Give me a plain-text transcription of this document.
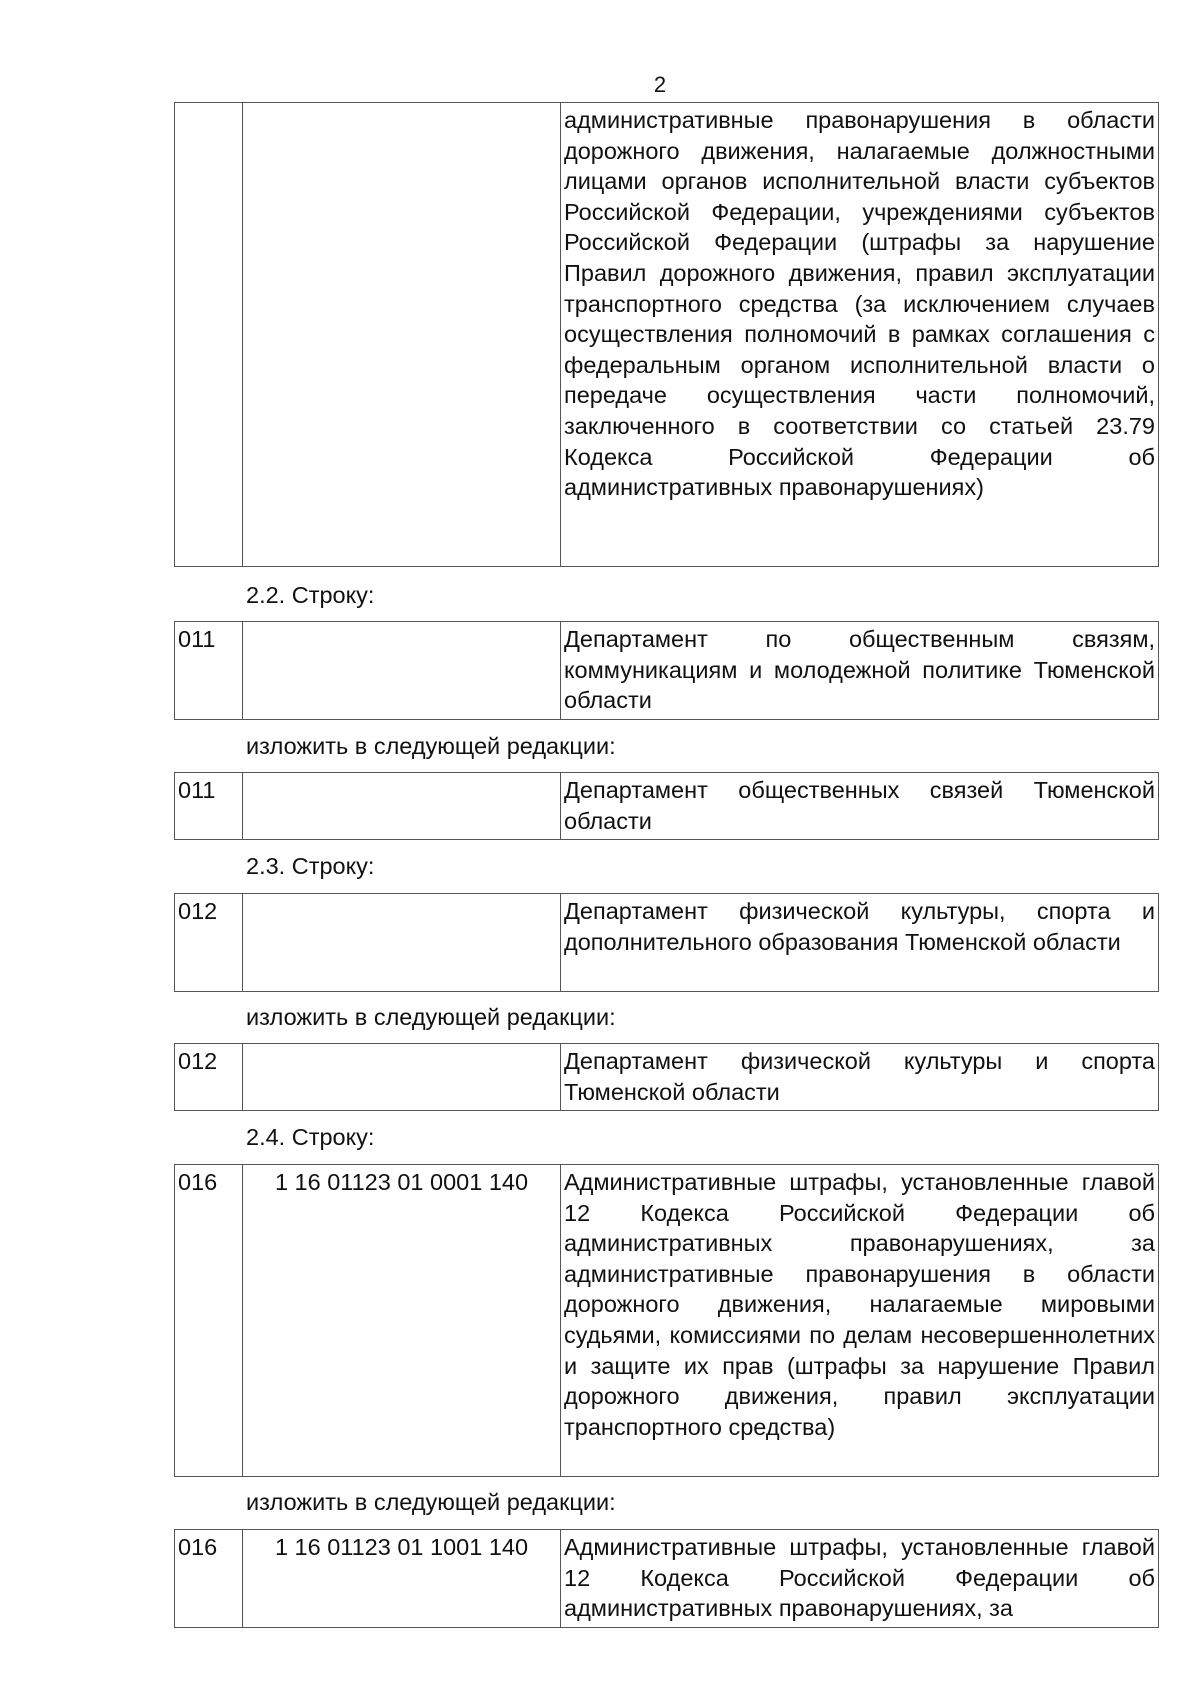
2
		административные правонарушения в области дорожного движения, налагаемые должностными лицами органов исполнительной власти субъектов Российской Федерации, учреждениями субъектов Российской Федерации (штрафы за нарушение Правил дорожного движения, правил эксплуатации транспортного средства (за исключением случаев осуществления полномочий в рамках соглашения с федеральным органом исполнительной власти о передаче осуществления части полномочий, заключенного в соответствии со статьей 23.79 Кодекса Российской Федерации об административных правонарушениях)
2.2. Строку:
011		Департамент по общественным связям, коммуникациям и молодежной политике Тюменской области
изложить в следующей редакции:
011		Департамент общественных связей Тюменской области
2.3. Строку:
012		Департамент физической культуры, спорта и дополнительного образования Тюменской области
изложить в следующей редакции:
012		Департамент физической культуры и спорта Тюменской области
2.4. Строку:
016	1 16 01123 01 0001 140	Административные штрафы, установленные главой 12 Кодекса Российской Федерации об административных правонарушениях, за административные правонарушения в области дорожного движения, налагаемые мировыми судьями, комиссиями по делам несовершеннолетних и защите их прав (штрафы за нарушение Правил дорожного движения, правил эксплуатации транспортного средства)
изложить в следующей редакции:
016	1 16 01123 01 1001 140	Административные штрафы, установленные главой 12 Кодекса Российской Федерации об административных правонарушениях, за
